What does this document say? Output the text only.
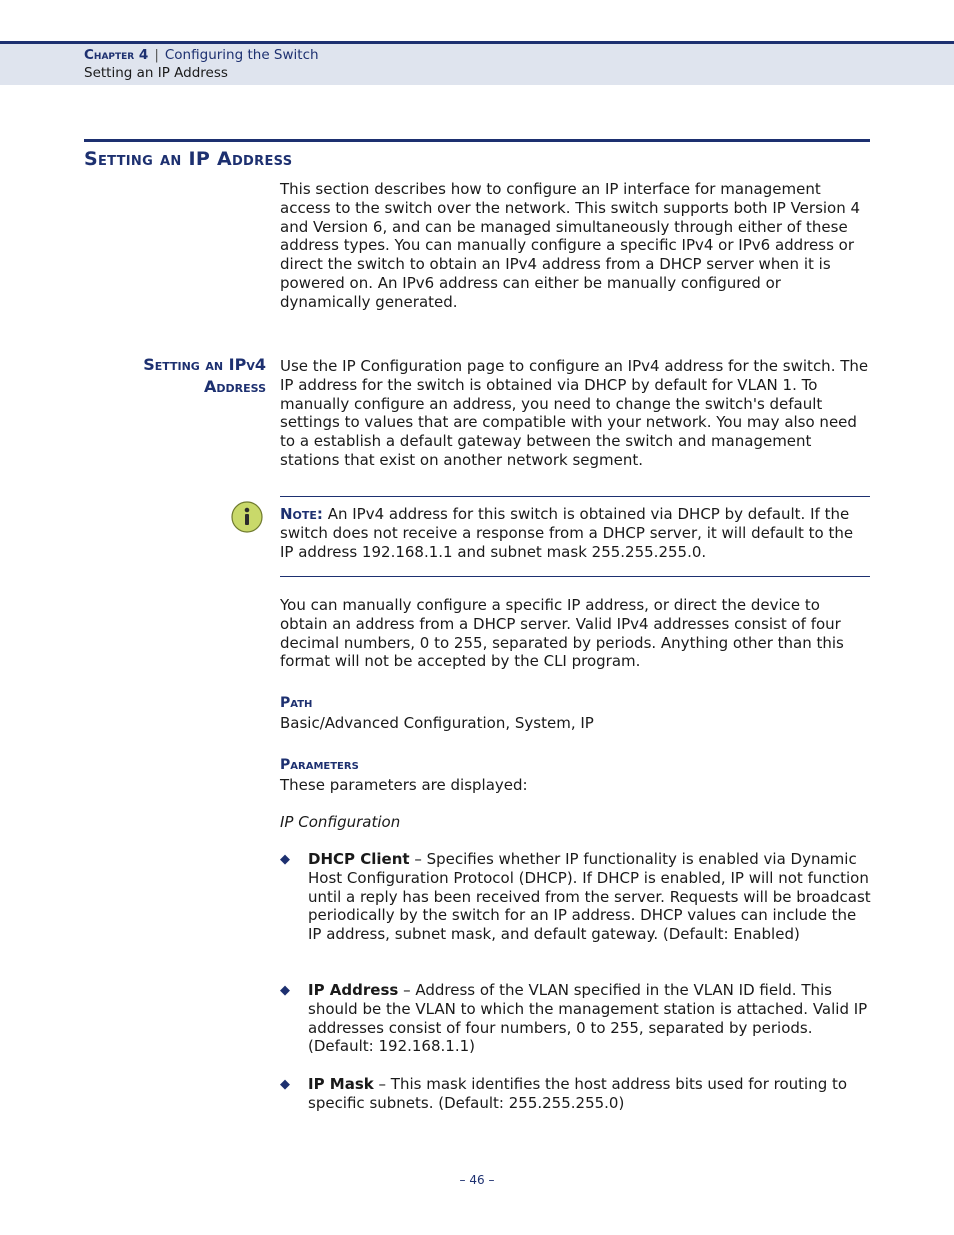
Chapter 4 | Configuring the Switch
Setting an IP Address
Setting an IP Address

This section describes how to configure an IP interface for management access to the switch over the network. This switch supports both IP Version 4 and Version 6, and can be managed simultaneously through either of these address types. You can manually configure a specific IPv4 or IPv6 address or direct the switch to obtain an IPv4 address from a DHCP server when it is powered on. An IPv6 address can either be manually configured or dynamically generated.

Setting an IPv4
Address

Use the IP Configuration page to configure an IPv4 address for the switch. The IP address for the switch is obtained via DHCP by default for VLAN 1. To manually configure an address, you need to change the switch's default settings to values that are compatible with your network. You may also need to a establish a default gateway between the switch and management stations that exist on another network segment.

Note: An IPv4 address for this switch is obtained via DHCP by default. If the switch does not receive a response from a DHCP server, it will default to the IP address 192.168.1.1 and subnet mask 255.255.255.0.

You can manually configure a specific IP address, or direct the device to obtain an address from a DHCP server. Valid IPv4 addresses consist of four decimal numbers, 0 to 255, separated by periods. Anything other than this format will not be accepted by the CLI program.

Path

Basic/Advanced Configuration, System, IP

Parameters

These parameters are displayed:

IP Configuration

◆ DHCP Client – Specifies whether IP functionality is enabled via Dynamic Host Configuration Protocol (DHCP). If DHCP is enabled, IP will not function until a reply has been received from the server. Requests will be broadcast periodically by the switch for an IP address. DHCP values can include the IP address, subnet mask, and default gateway. (Default: Enabled)

◆ IP Address – Address of the VLAN specified in the VLAN ID field. This should be the VLAN to which the management station is attached. Valid IP addresses consist of four numbers, 0 to 255, separated by periods. (Default: 192.168.1.1)

◆ IP Mask – This mask identifies the host address bits used for routing to specific subnets. (Default: 255.255.255.0)

– 46 –
